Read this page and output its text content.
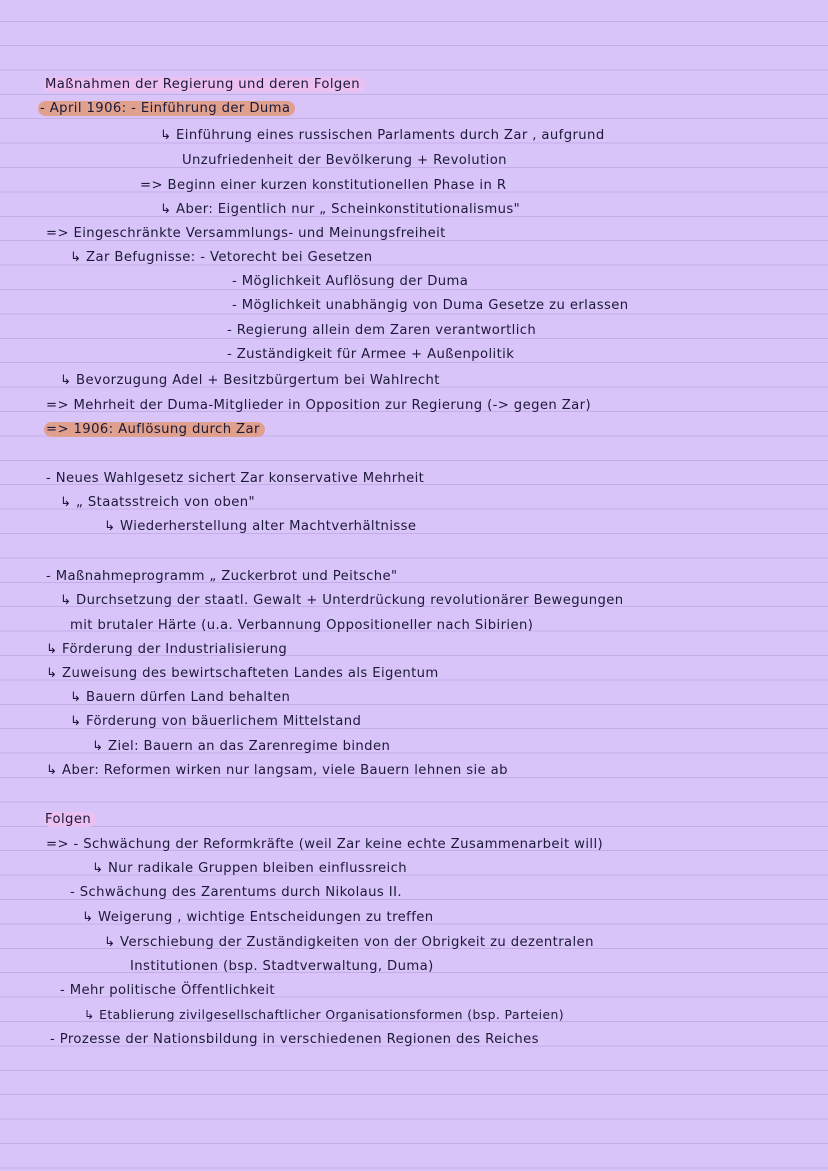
Maßnahmen der Regierung und deren Folgen
- April 1906: - Einführung der Duma
↳ Einführung eines russischen Parlaments durch Zar , aufgrund
Unzufriedenheit der Bevölkerung + Revolution
=> Beginn einer kurzen konstitutionellen Phase in R
↳ Aber: Eigentlich nur „ Scheinkonstitutionalismus"
=> Eingeschränkte Versammlungs- und Meinungsfreiheit
↳ Zar Befugnisse: - Vetorecht bei Gesetzen
- Möglichkeit Auflösung der Duma
- Möglichkeit unabhängig von Duma Gesetze zu erlassen
- Regierung allein dem Zaren verantwortlich
- Zuständigkeit für Armee + Außenpolitik
↳ Bevorzugung Adel + Besitzbürgertum bei Wahlrecht
=> Mehrheit der Duma-Mitglieder in Opposition zur Regierung (-> gegen Zar)
=> 1906: Auflösung durch Zar
- Neues Wahlgesetz sichert Zar konservative Mehrheit
↳ „ Staatsstreich von oben"
↳ Wiederherstellung alter Machtverhältnisse
- Maßnahmeprogramm „ Zuckerbrot und Peitsche"
↳ Durchsetzung der staatl. Gewalt + Unterdrückung revolutionärer Bewegungen
mit brutaler Härte (u.a. Verbannung Oppositioneller nach Sibirien)
↳ Förderung der Industrialisierung
↳ Zuweisung des bewirtschafteten Landes als Eigentum
↳ Bauern dürfen Land behalten
↳ Förderung von bäuerlichem Mittelstand
↳ Ziel: Bauern an das Zarenregime binden
↳ Aber: Reformen wirken nur langsam, viele Bauern lehnen sie ab
Folgen
=> - Schwächung der Reformkräfte (weil Zar keine echte Zusammenarbeit will)
↳ Nur radikale Gruppen bleiben einflussreich
- Schwächung des Zarentums durch Nikolaus II.
↳ Weigerung , wichtige Entscheidungen zu treffen
↳ Verschiebung der Zuständigkeiten von der Obrigkeit zu dezentralen
Institutionen (bsp. Stadtverwaltung, Duma)
- Mehr politische Öffentlichkeit
↳ Etablierung zivilgesellschaftlicher Organisationsformen (bsp. Parteien)
- Prozesse der Nationsbildung in verschiedenen Regionen des Reiches
